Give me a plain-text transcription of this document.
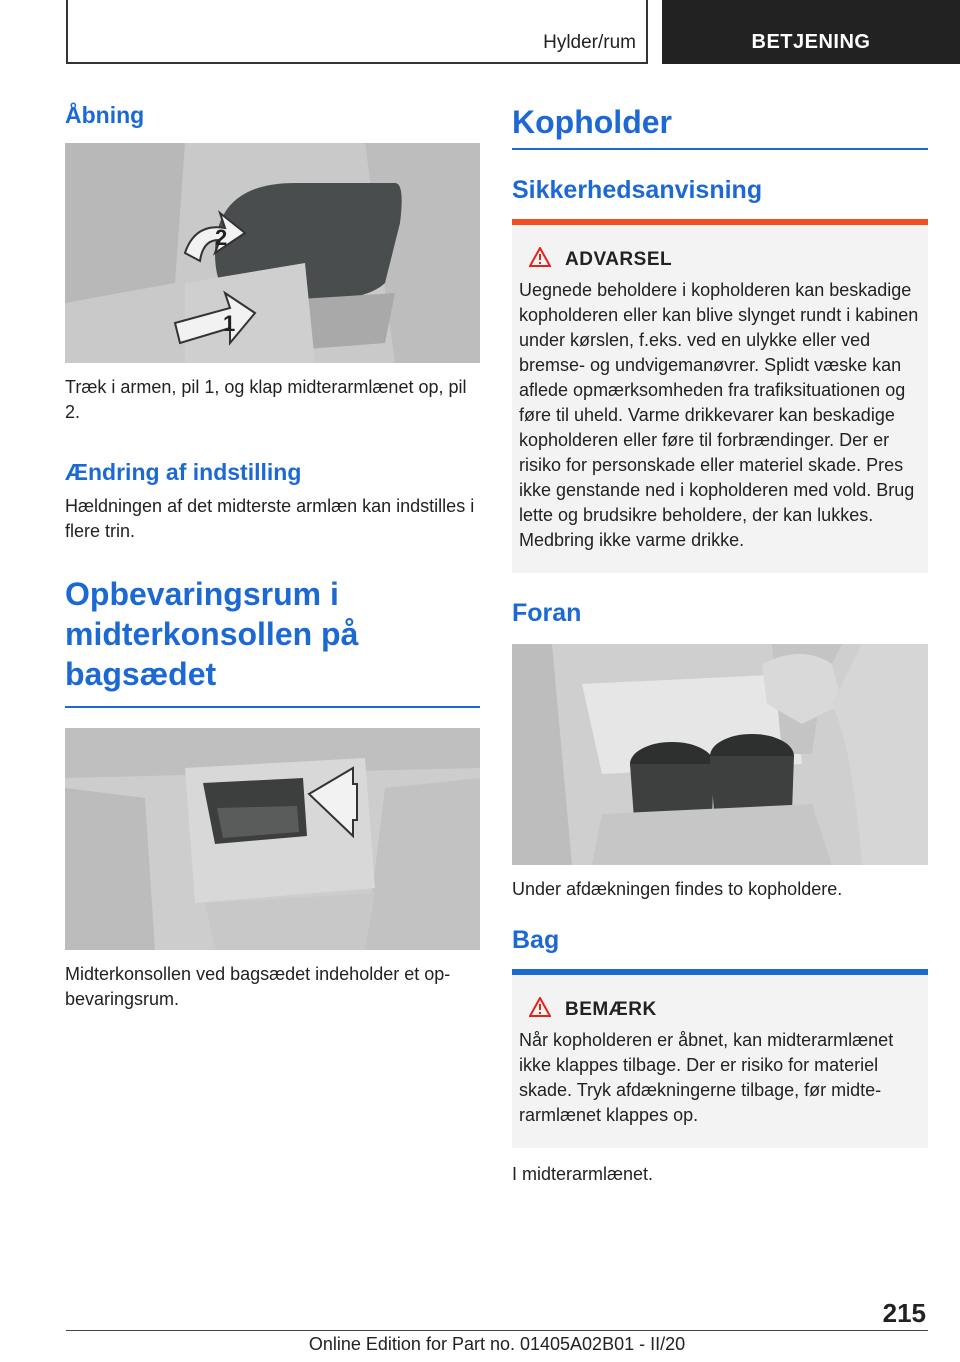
Hylder/rum	BETJENING
Åbning
1
2

Træk i armen, pil 1, og klap midterarmlænet op, pil 2.

Ændring af indstilling

Hældningen af det midterste armlæn kan indstilles i flere trin.

Opbevaringsrum i midterkonsollen på bagsædet

Midterkonsollen ved bagsædet indeholder et opbevaringsrum.

Kopholder
Sikkerhedsanvisning
ADVARSEL

Uegnede beholdere i kopholderen kan beskadige kopholderen eller kan blive slynget rundt i kabinen under kørslen, f.eks. ved en ulykke eller ved bremse- og undvigemanøvrer. Splidt væske kan aflede opmærksomheden fra trafiksituationen og føre til uheld. Varme drikkevarer kan beskadige kopholderen eller føre til forbrændinger. Der er risiko for personskade eller materiel skade. Pres ikke genstande ned i kopholderen med vold. Brug lette og brudsikre beholdere, der kan lukkes. Medbring ikke varme drikke.

Foran

Under afdækningen findes to kopholdere.

Bag
BEMÆRK

Når kopholderen er åbnet, kan midterarmlænet ikke klappes tilbage. Der er risiko for materiel skade. Tryk afdækningerne tilbage, før midterarmlænet klappes op.

I midterarmlænet.

215
Online Edition for Part no. 01405A02B01 - II/20
